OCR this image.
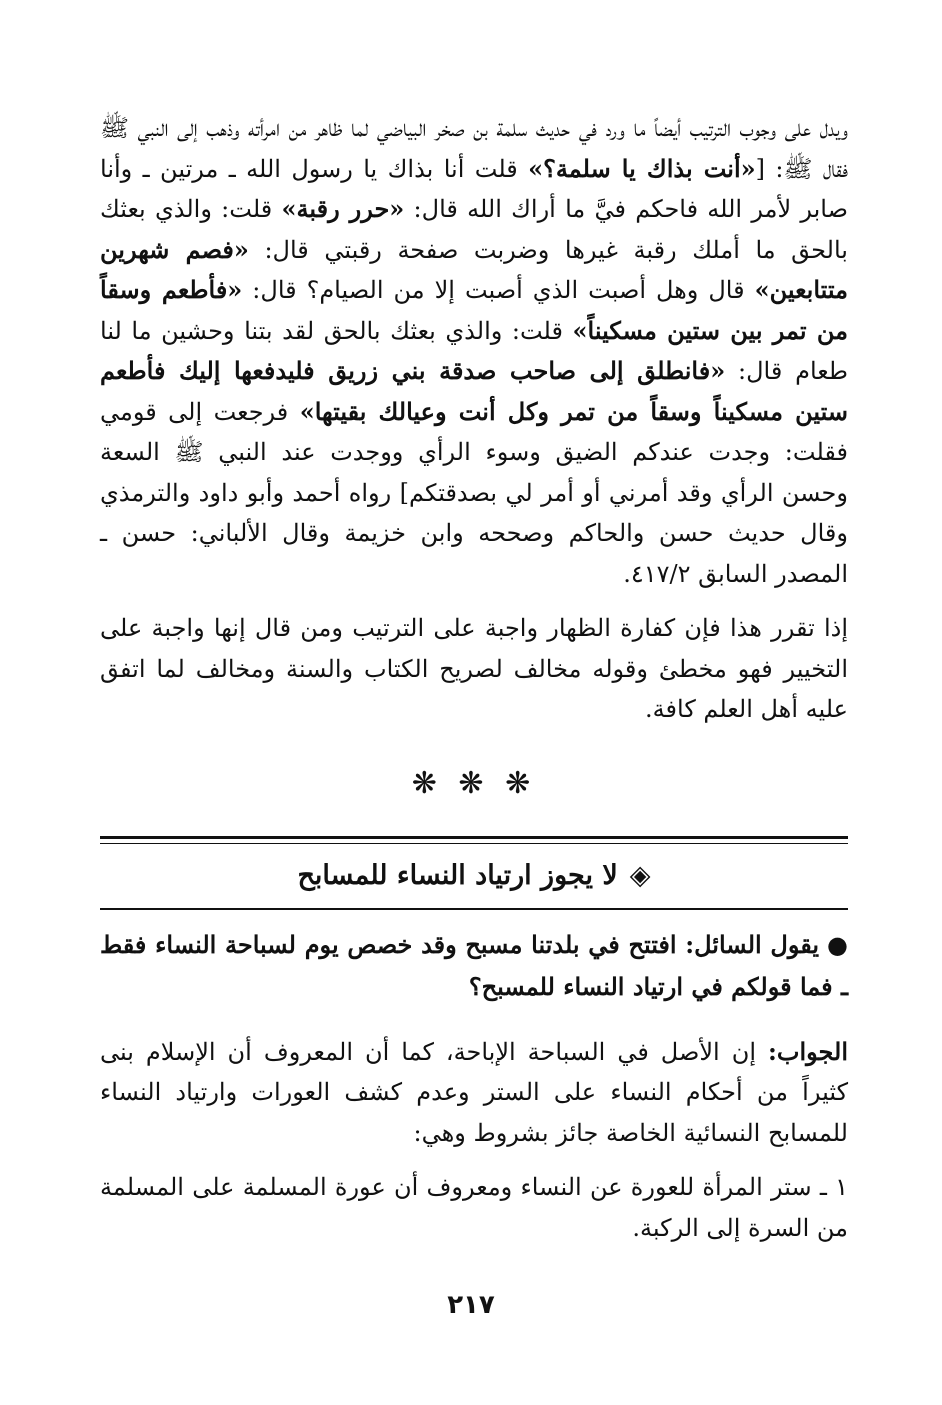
ويدل على وجوب الترتيب أيضاً ما ورد في حديث سلمة بن صخر البياضي لما ظاهر من امرأته وذهب إلى النبي ﷺ فقال ﷺ: [«أنت بذاك يا سلمة؟» قلت أنا بذاك يا رسول الله ـ مرتين ـ وأنا صابر لأمر الله فاحكم فيَّ ما أراك الله قال: «حرر رقبة» قلت: والذي بعثك بالحق ما أملك رقبة غيرها وضربت صفحة رقبتي قال: «فصم شهرين متتابعين» قال وهل أصبت الذي أصبت إلا من الصيام؟ قال: «فأطعم وسقاً من تمر بين ستين مسكيناً» قلت: والذي بعثك بالحق لقد بتنا وحشين ما لنا طعام قال: «فانطلق إلى صاحب صدقة بني زريق فليدفعها إليك فأطعم ستين مسكيناً وسقاً من تمر وكل أنت وعيالك بقيتها» فرجعت إلى قومي فقلت: وجدت عندكم الضيق وسوء الرأي ووجدت عند النبي ﷺ السعة وحسن الرأي وقد أمرني أو أمر لي بصدقتكم] رواه أحمد وأبو داود والترمذي وقال حديث حسن والحاكم وصححه وابن خزيمة وقال الألباني: حسن ـ المصدر السابق ٤١٧/٢.

إذا تقرر هذا فإن كفارة الظهار واجبة على الترتيب ومن قال إنها واجبة على التخيير فهو مخطئ وقوله مخالف لصريح الكتاب والسنة ومخالف لما اتفق عليه أهل العلم كافة.

❋ ❋ ❋
◈لا يجوز ارتياد النساء للمسابح

●يقول السائل: افتتح في بلدتنا مسبح وقد خصص يوم لسباحة النساء فقط ـ فما قولكم في ارتياد النساء للمسبح؟

الجواب: إن الأصل في السباحة الإباحة، كما أن المعروف أن الإسلام بنى كثيراً من أحكام النساء على الستر وعدم كشف العورات وارتياد النساء للمسابح النسائية الخاصة جائز بشروط وهي:

١ ـ ستر المرأة للعورة عن النساء ومعروف أن عورة المسلمة على المسلمة من السرة إلى الركبة.

٢١٧
